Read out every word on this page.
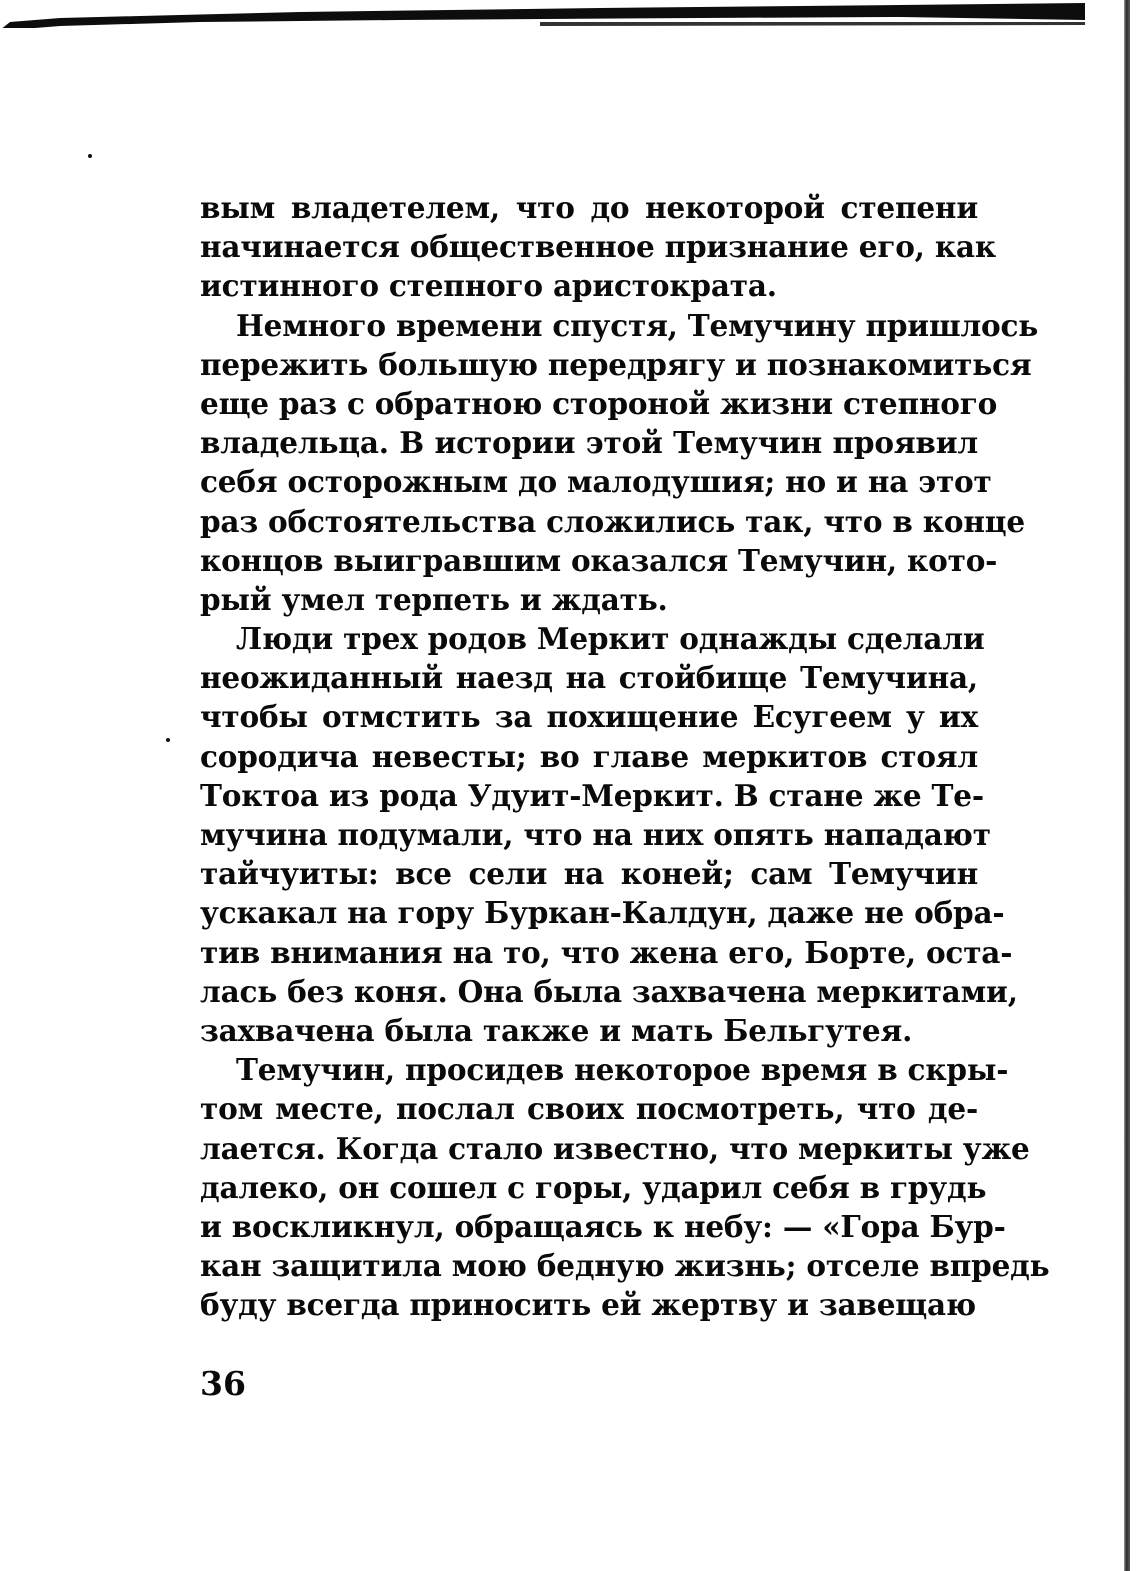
вым владетелем, что до некоторой степени
начинается общественное признание его, как
истинного степного аристократа.
Немного времени спустя, Темучину пришлось
пережить большую передрягу и познакомиться
еще раз с обратною стороной жизни степного
владельца. В истории этой Темучин проявил
себя осторожным до малодушия; но и на этот
раз обстоятельства сложились так, что в конце
концов выигравшим оказался Темучин, кото-
рый умел терпеть и ждать.
Люди трех родов Меркит однажды сделали
неожиданный наезд на стойбище Темучина,
чтобы отмстить за похищение Есугеем у их
сородича невесты; во главе меркитов стоял
Токтоа из рода Удуит-Меркит. В стане же Те-
мучина подумали, что на них опять нападают
тайчуиты: все сели на коней; сам Темучин
ускакал на гору Буркан-Калдун, даже не обра-
тив внимания на то, что жена его, Борте, оста-
лась без коня. Она была захвачена меркитами,
захвачена была также и мать Бельгутея.
Темучин, просидев некоторое время в скры-
том месте, послал своих посмотреть, что де-
лается. Когда стало известно, что меркиты уже
далеко, он сошел с горы, ударил себя в грудь
и воскликнул, обращаясь к небу: — «Гора Бур-
кан защитила мою бедную жизнь; отселе впредь
буду всегда приносить ей жертву и завещаю
36
